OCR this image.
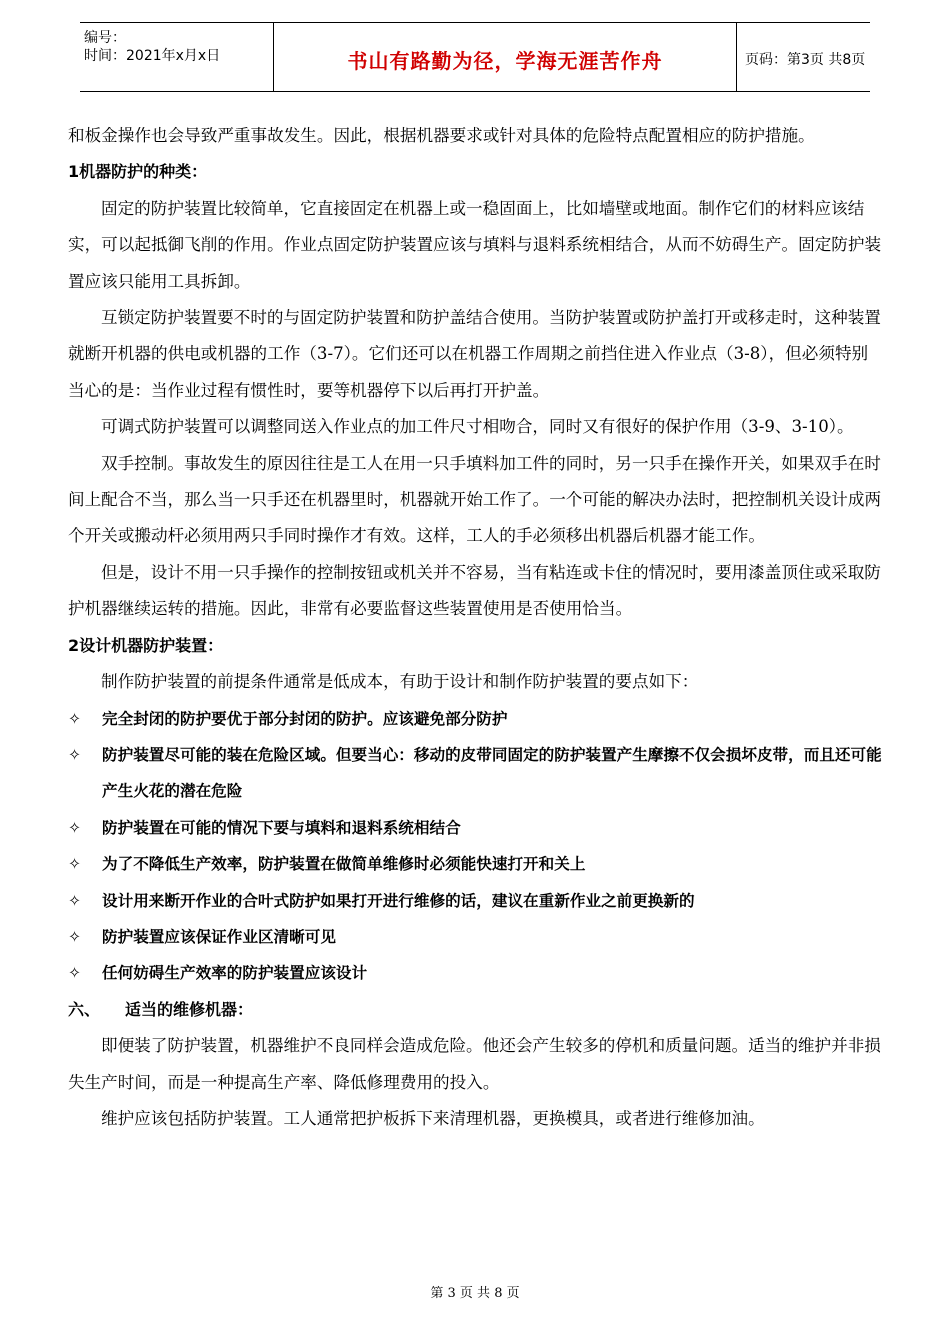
编号：
时间：2021年x月x日	书山有路勤为径，学海无涯苦作舟	页码：第3页 共8页

和板金操作也会导致严重事故发生。因此，根据机器要求或针对具体的危险特点配置相应的防护措施。

1机器防护的种类：

固定的防护装置比较简单，它直接固定在机器上或一稳固面上，比如墙壁或地面。制作它们的材料应该结实，可以起抵御飞削的作用。作业点固定防护装置应该与填料与退料系统相结合，从而不妨碍生产。固定防护装置应该只能用工具拆卸。

互锁定防护装置要不时的与固定防护装置和防护盖结合使用。当防护装置或防护盖打开或移走时，这种装置就断开机器的供电或机器的工作（3-7）。它们还可以在机器工作周期之前挡住进入作业点（3-8），但必须特别当心的是：当作业过程有惯性时，要等机器停下以后再打开护盖。

可调式防护装置可以调整同送入作业点的加工件尺寸相吻合，同时又有很好的保护作用（3-9、3-10）。

双手控制。事故发生的原因往往是工人在用一只手填料加工件的同时，另一只手在操作开关，如果双手在时间上配合不当，那么当一只手还在机器里时，机器就开始工作了。一个可能的解决办法时，把控制机关设计成两个开关或搬动杆必须用两只手同时操作才有效。这样，工人的手必须移出机器后机器才能工作。

但是，设计不用一只手操作的控制按钮或机关并不容易，当有粘连或卡住的情况时，要用漆盖顶住或采取防护机器继续运转的措施。因此，非常有必要监督这些装置使用是否使用恰当。

2设计机器防护装置：

制作防护装置的前提条件通常是低成本，有助于设计和制作防护装置的要点如下：

✧ 完全封闭的防护要优于部分封闭的防护。应该避免部分防护
✧ 防护装置尽可能的装在危险区域。但要当心：移动的皮带同固定的防护装置产生摩擦不仅会损坏皮带，而且还可能产生火花的潜在危险
✧ 防护装置在可能的情况下要与填料和退料系统相结合
✧ 为了不降低生产效率，防护装置在做简单维修时必须能快速打开和关上
✧ 设计用来断开作业的合叶式防护如果打开进行维修的话，建议在重新作业之前更换新的
✧ 防护装置应该保证作业区清晰可见
✧ 任何妨碍生产效率的防护装置应该设计

六、 适当的维修机器：

即便装了防护装置，机器维护不良同样会造成危险。他还会产生较多的停机和质量问题。适当的维护并非损失生产时间，而是一种提高生产率、降低修理费用的投入。

维护应该包括防护装置。工人通常把护板拆下来清理机器，更换模具，或者进行维修加油。

第 3 页 共 8 页
